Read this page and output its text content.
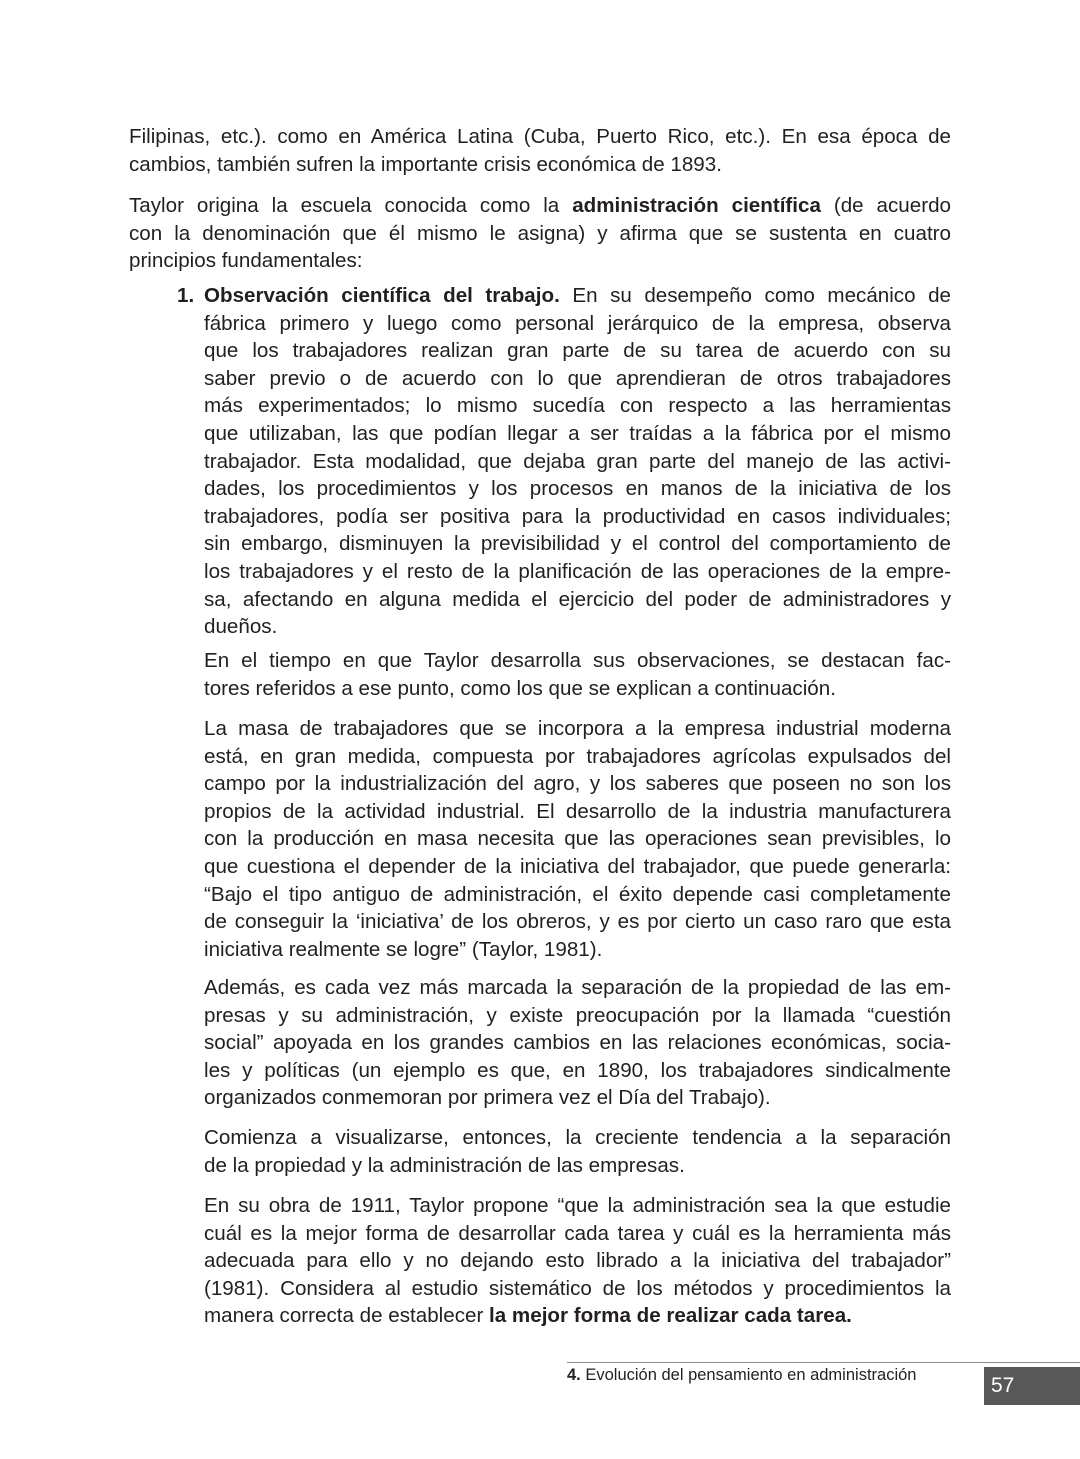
Filipinas, etc.). como en América Latina (Cuba, Puerto Rico, etc.). En esa época de
cambios, también sufren la importante crisis económica de 1893.
Taylor origina la escuela conocida como la administración científica (de acuerdo
con la denominación que él mismo le asigna) y afirma que se sustenta en cuatro
principios fundamentales:
1. Observación científica del trabajo. En su desempeño como mecánico de
fábrica primero y luego como personal jerárquico de la empresa, observa
que los trabajadores realizan gran parte de su tarea de acuerdo con su
saber previo o de acuerdo con lo que aprendieran de otros trabajadores
más experimentados; lo mismo sucedía con respecto a las herramientas
que utilizaban, las que podían llegar a ser traídas a la fábrica por el mismo
trabajador. Esta modalidad, que dejaba gran parte del manejo de las activi-
dades, los procedimientos y los procesos en manos de la iniciativa de los
trabajadores, podía ser positiva para la productividad en casos individuales;
sin embargo, disminuyen la previsibilidad y el control del comportamiento de
los trabajadores y el resto de la planificación de las operaciones de la empre-
sa, afectando en alguna medida el ejercicio del poder de administradores y
dueños.
En el tiempo en que Taylor desarrolla sus observaciones, se destacan fac-
tores referidos a ese punto, como los que se explican a continuación.
La masa de trabajadores que se incorpora a la empresa industrial moderna
está, en gran medida, compuesta por trabajadores agrícolas expulsados del
campo por la industrialización del agro, y los saberes que poseen no son los
propios de la actividad industrial. El desarrollo de la industria manufacturera
con la producción en masa necesita que las operaciones sean previsibles, lo
que cuestiona el depender de la iniciativa del trabajador, que puede generarla:
“Bajo el tipo antiguo de administración, el éxito depende casi completamente
de conseguir la ‘iniciativa’ de los obreros, y es por cierto un caso raro que esta
iniciativa realmente se logre” (Taylor, 1981).
Además, es cada vez más marcada la separación de la propiedad de las em-
presas y su administración, y existe preocupación por la llamada “cuestión
social” apoyada en los grandes cambios en las relaciones económicas, socia-
les y políticas (un ejemplo es que, en 1890, los trabajadores sindicalmente
organizados conmemoran por primera vez el Día del Trabajo).
Comienza a visualizarse, entonces, la creciente tendencia a la separación
de la propiedad y la administración de las empresas.
En su obra de 1911, Taylor propone “que la administración sea la que estudie
cuál es la mejor forma de desarrollar cada tarea y cuál es la herramienta más
adecuada para ello y no dejando esto librado a la iniciativa del trabajador”
(1981). Considera al estudio sistemático de los métodos y procedimientos la
manera correcta de establecer la mejor forma de realizar cada tarea.
4. Evolución del pensamiento en administración	57
